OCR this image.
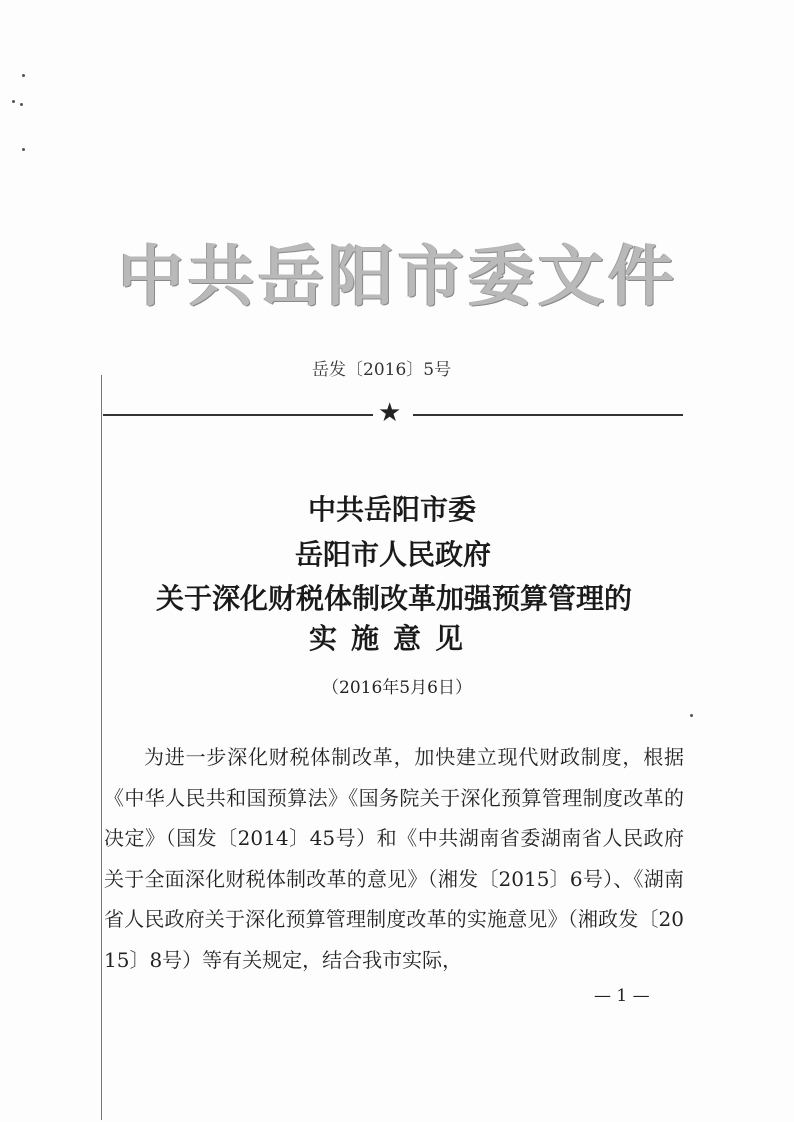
中共岳阳市委文件
岳发〔2016〕5号
★
中共岳阳市委
岳阳市人民政府
关于深化财税体制改革加强预算管理的
实施意见
（2016年5月6日）

为进一步深化财税体制改革，加快建立现代财政制度，根据《中华人民共和国预算法》《国务院关于深化预算管理制度改革的决定》（国发〔2014〕45号）和《中共湖南省委湖南省人民政府关于全面深化财税体制改革的意见》（湘发〔2015〕6号）、《湖南省人民政府关于深化预算管理制度改革的实施意见》（湘政发〔2015〕8号）等有关规定，结合我市实际，

— 1 —
